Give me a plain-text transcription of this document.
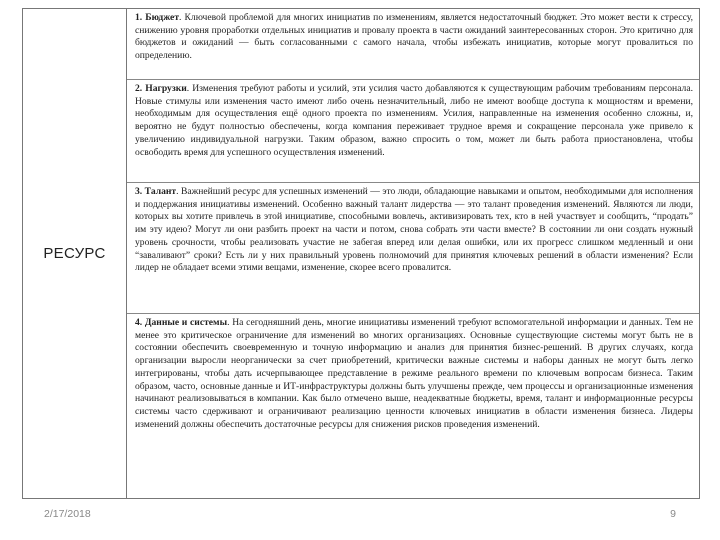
РЕСУРС
1. Бюджет. Ключевой проблемой для многих инициатив по изменениям, является недостаточный бюджет. Это может вести к стрессу, снижению уровня проработки отдельных инициатив и провалу проекта в части ожиданий заинтересованных сторон. Это критично для бюджетов и ожиданий — быть согласованными с самого начала, чтобы избежать инициатив, которые могут провалиться по определению.
2. Нагрузки. Изменения требуют работы и усилий, эти усилия часто добавляются к существующим рабочим требованиям персонала. Новые стимулы или изменения часто имеют либо очень незначительный, либо не имеют вообще доступа к мощностям и времени, необходимым для осуществления ещё одного проекта по изменениям. Усилия, направленные на изменения особенно сложны, и, вероятно не будут полностью обеспечены, когда компания переживает трудное время и сокращение персонала уже привело к увеличению индивидуальной нагрузки. Таким образом, важно спросить о том, может ли быть работа приостановлена, чтобы освободить время для успешного осуществления изменений.
3. Талант. Важнейший ресурс для успешных изменений — это люди, обладающие навыками и опытом, необходимыми для исполнения и поддержания инициативы изменений. Особенно важный талант лидерства — это талант проведения изменений. Являются ли люди, которых вы хотите привлечь в этой инициативе, способными вовлечь, активизировать тех, кто в ней участвует и сообщить, “продать” им эту идею? Могут ли они разбить проект на части и потом, снова собрать эти части вместе? В состоянии ли они создать нужный уровень срочности, чтобы реализовать участие не забегая вперед или делая ошибки, или их прогресс слишком медленный и они “заваливают” сроки? Есть ли у них правильный уровень полномочий для принятия ключевых решений в области изменения? Если лидер не обладает всеми этими вещами, изменение, скорее всего провалится.
4. Данные и системы. На сегодняшний день, многие инициативы изменений требуют вспомогательной информации и данных. Тем не менее это критическое ограничение для изменений во многих организациях. Основные существующие системы могут быть не в состоянии обеспечить своевременную и точную информацию и анализ для принятия бизнес-решений. В других случаях, когда организации выросли неорганически за счет приобретений, критически важные системы и наборы данных не могут быть легко интегрированы, чтобы дать исчерпывающее представление в режиме реального времени по ключевым вопросам бизнеса. Таким образом, часто, основные данные и ИТ-инфраструктуры должны быть улучшены прежде, чем процессы и организационные изменения начинают реализовываться в компании. Как было отмечено выше, неадекватные бюджеты, время, талант и информационные ресурсы системы часто сдерживают и ограничивают реализацию ценности ключевых инициатив в области изменения бизнеса. Лидеры изменений должны обеспечить достаточные ресурсы для снижения рисков проведения изменений.
2/17/2018	9
